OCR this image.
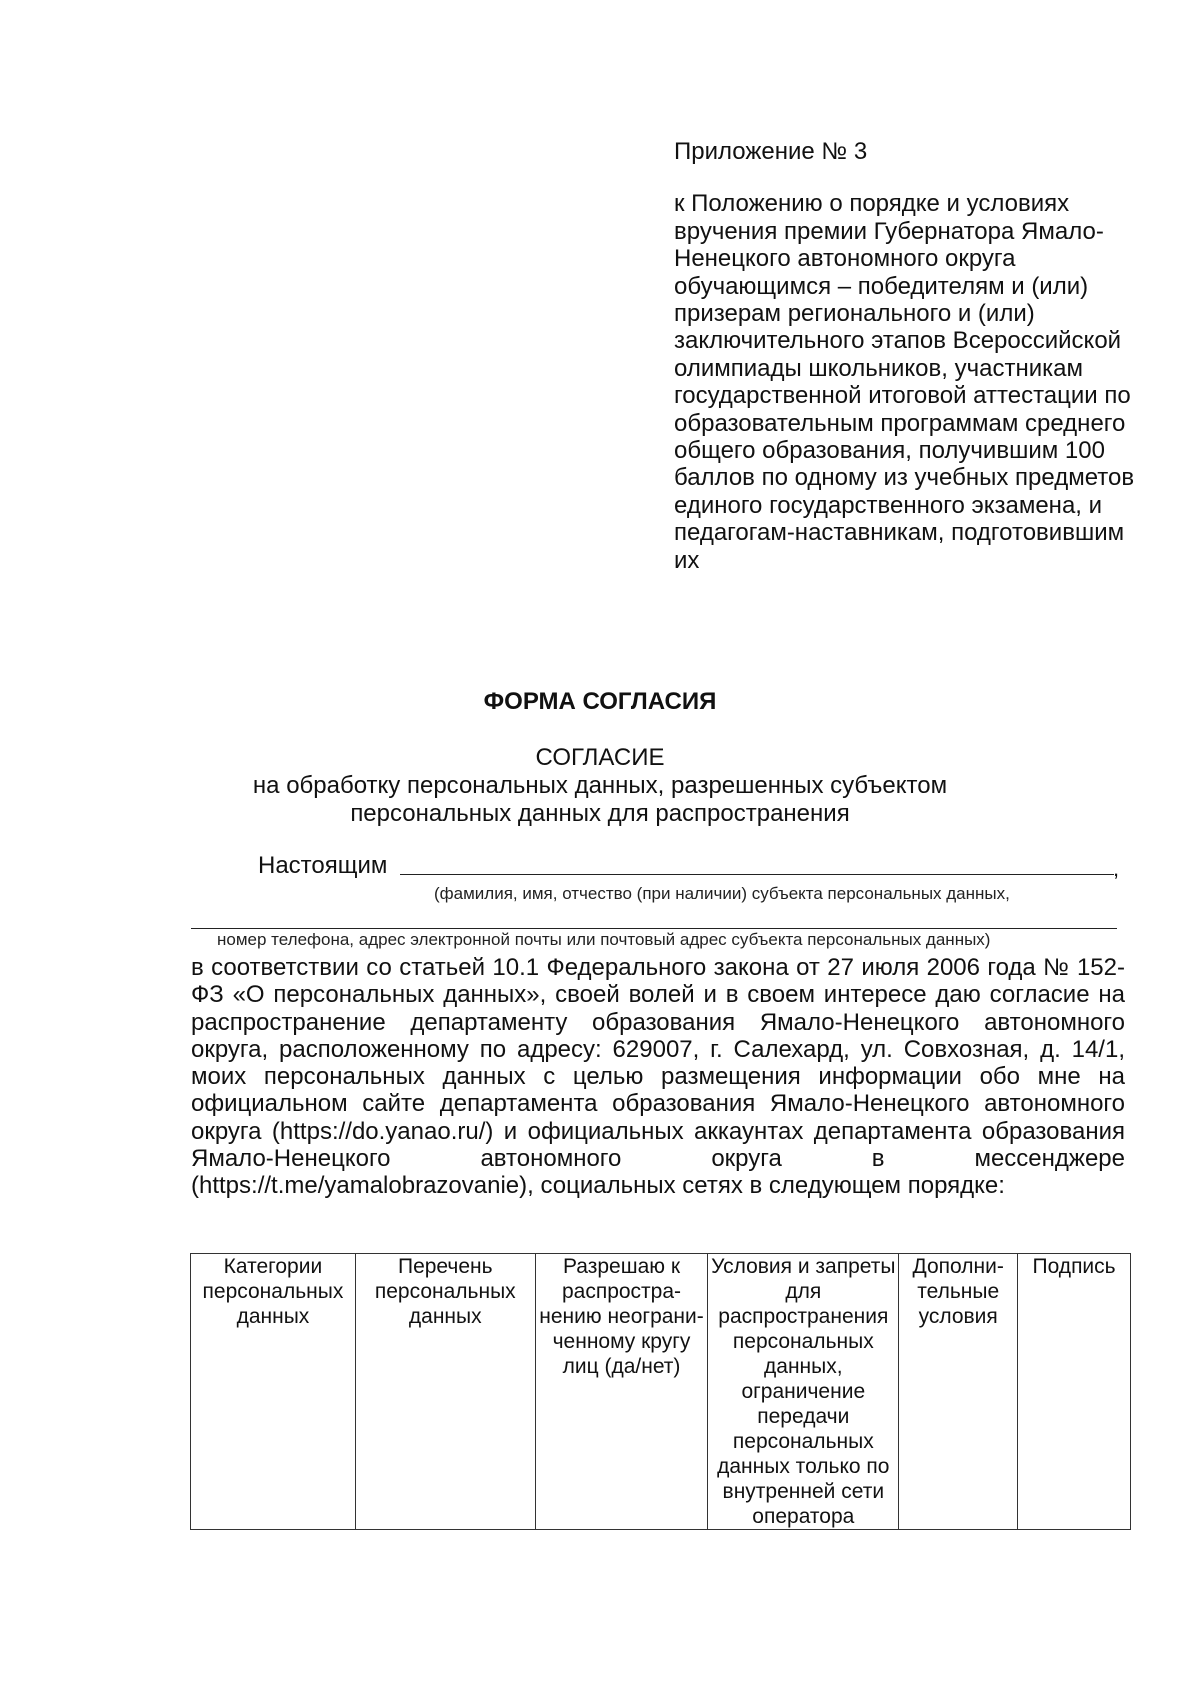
Приложение № 3

к Положению о порядке и условиях вручения премии Губернатора Ямало-Ненецкого автономного округа обучающимся – победителям и (или) призерам регионального и (или) заключительного этапов Всероссийской олимпиады школьников, участникам государственной итоговой аттестации по образовательным программам среднего общего образования, получившим 100 баллов по одному из учебных предметов единого государственного экзамена, и педагогам-наставникам, подготовившим их

ФОРМА СОГЛАСИЯ
СОГЛАСИЕ
на обработку персональных данных, разрешенных субъектом
персональных данных для распространения
Настоящим	,
(фамилия, имя, отчество (при наличии) субъекта персональных данных,
номер телефона, адрес электронной почты или почтовый адрес субъекта персональных данных)

в соответствии со статьей 10.1 Федерального закона от 27 июля 2006 года № 152-ФЗ «О персональных данных», своей волей и в своем интересе даю согласие на распространение департаменту образования Ямало-Ненецкого автономного округа, расположенному по адресу: 629007, г. Салехард, ул. Совхозная, д. 14/1, моих персональных данных с целью размещения информации обо мне на официальном сайте департамента образования Ямало-Ненецкого автономного округа (https://do.yanao.ru/) и официальных аккаунтах департамента образования Ямало-Ненецкого автономного округа в мессенджере (https://t.me/yamalobrazovanie), социальных сетях в следующем порядке:

Категории персональных данных	Перечень персональных данных	Разрешаю к распростра-нению неограни-ченному кругу лиц (да/нет)	Условия и запреты для распространения персональных данных, ограничение передачи персональных данных только по внутренней сети оператора	Дополни-тельные условия	Подпись
